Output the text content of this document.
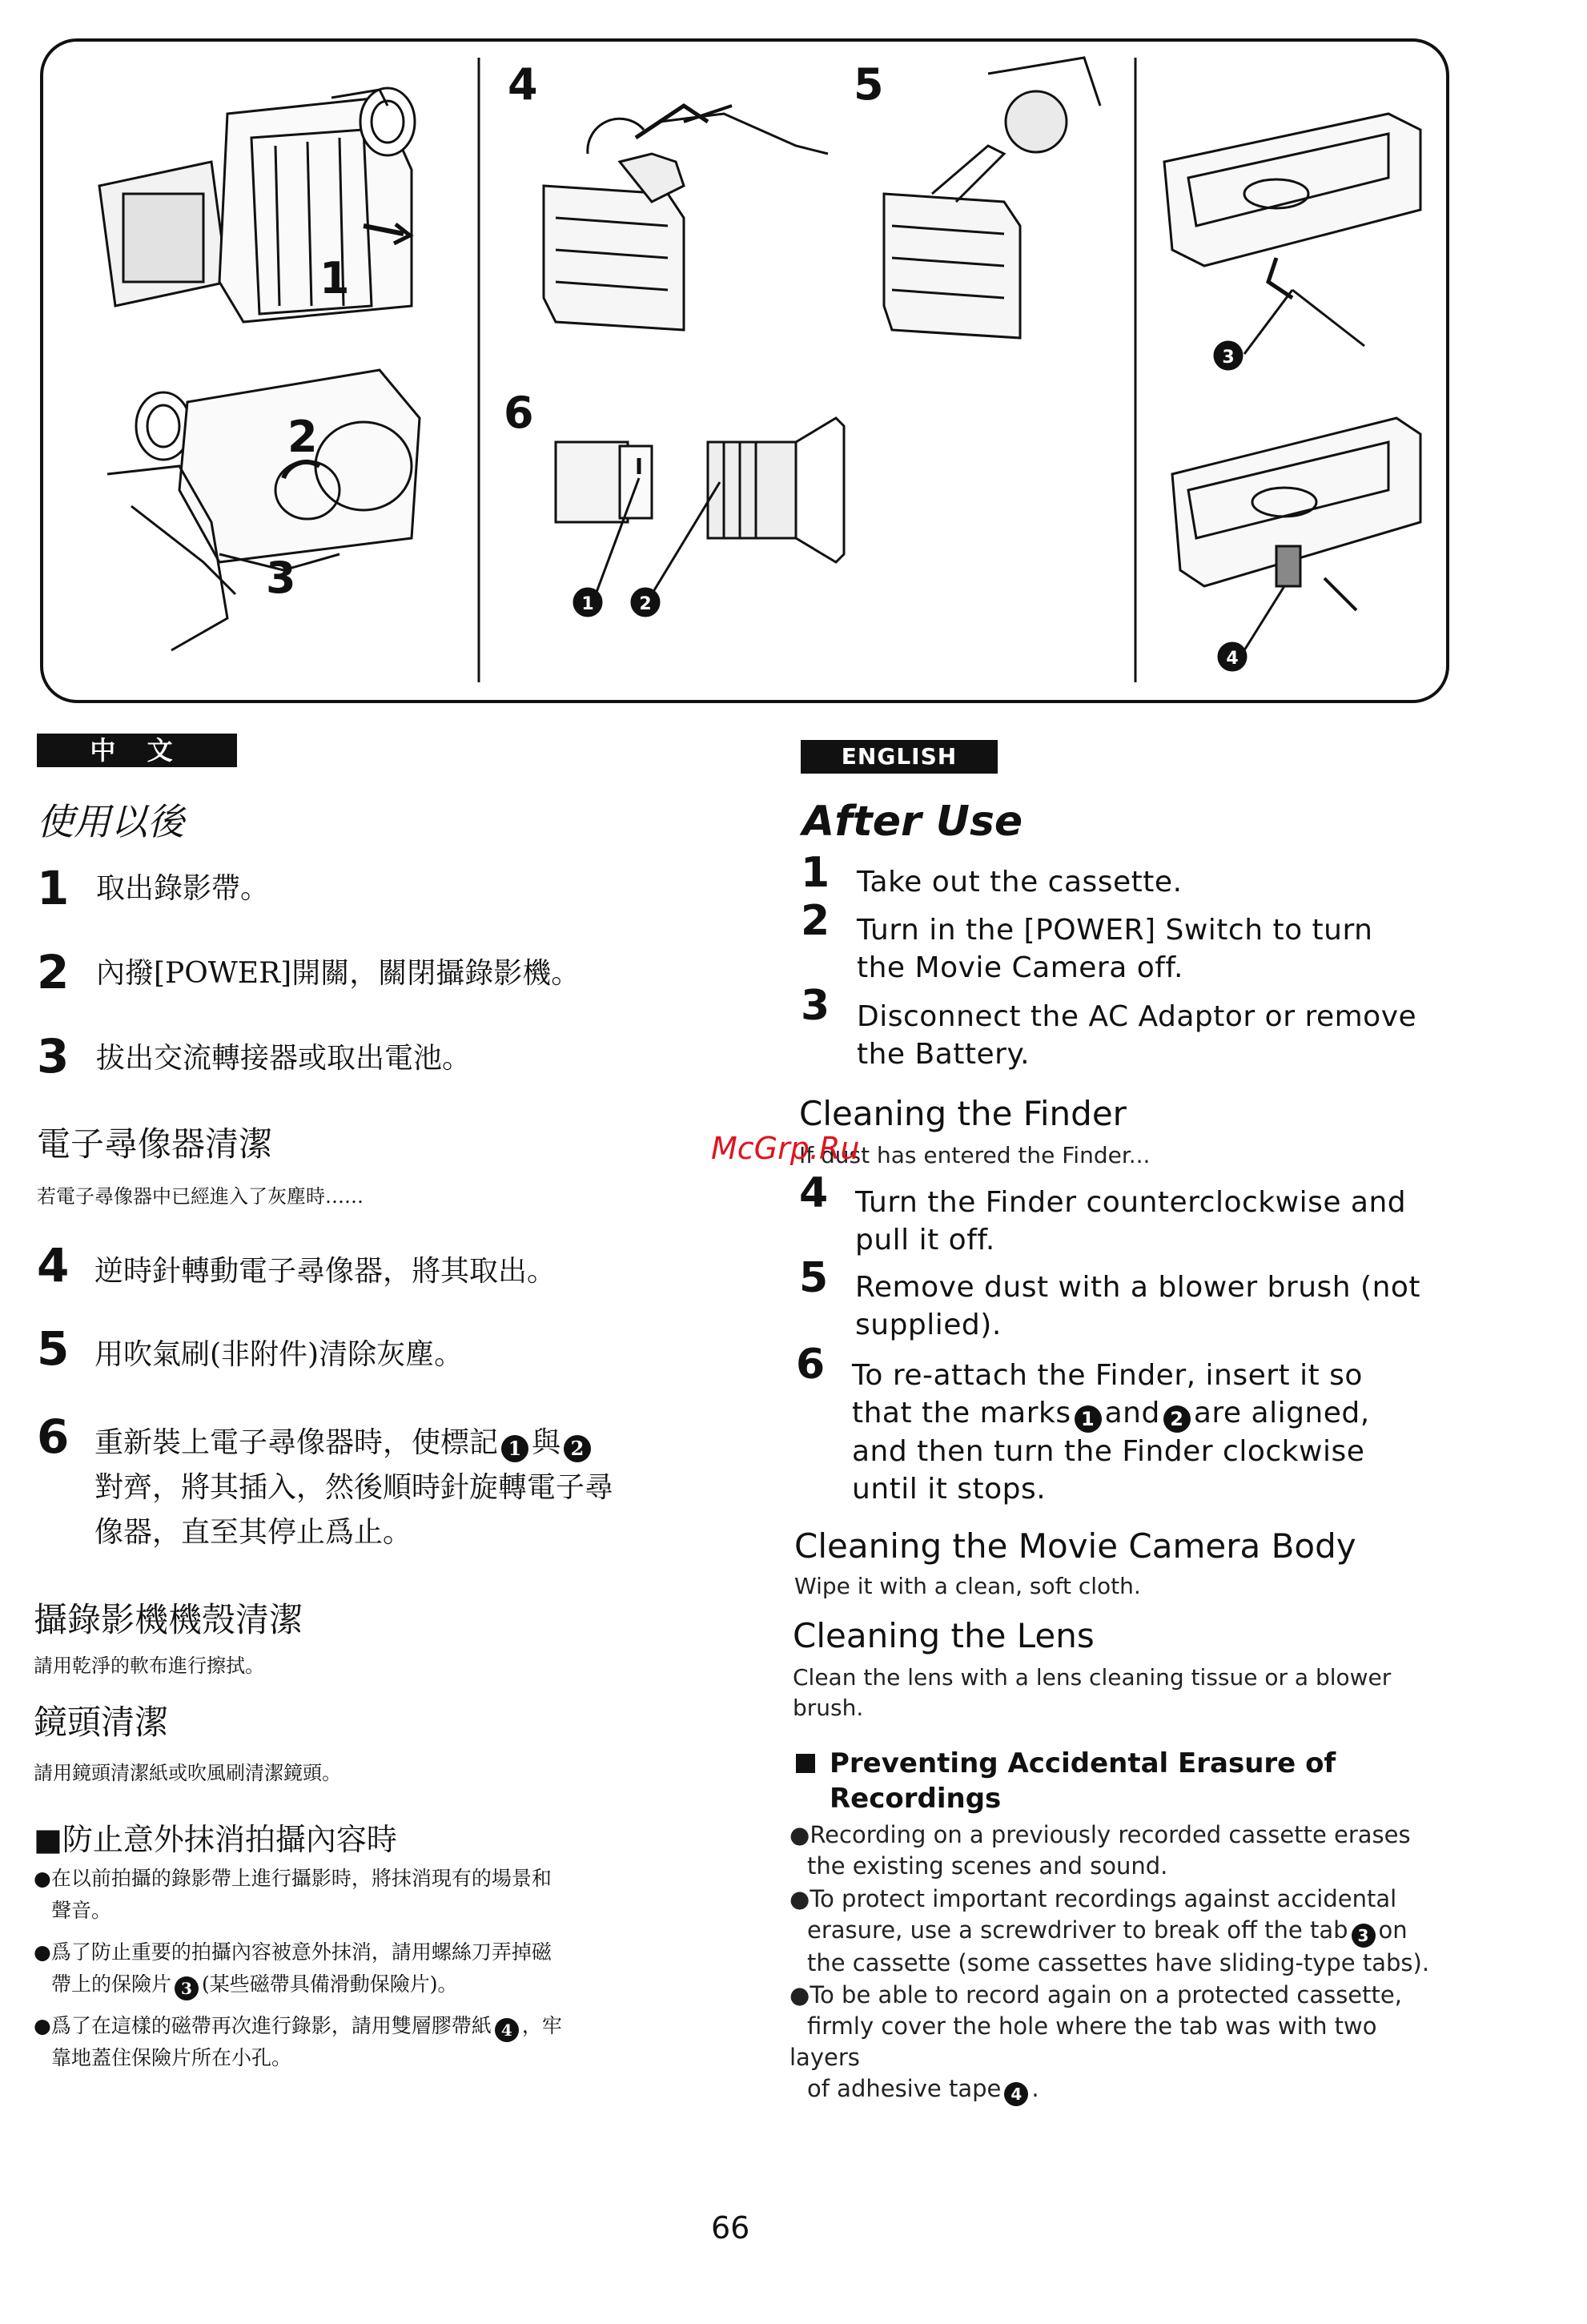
1	2
3
4
1
2
3
4	5
6
中 文
使用以後
1 取出錄影帶。
2 內撥[POWER]開關，關閉攝錄影機。
3 拔出交流轉接器或取出電池。
電子尋像器清潔
若電子尋像器中已經進入了灰塵時……
4 逆時針轉動電子尋像器，將其取出。
5 用吹氣刷(非附件)清除灰塵。
6 重新裝上電子尋像器時，使標記 1 與 2
對齊，將其插入，然後順時針旋轉電子尋
像器，直至其停止爲止。
攝錄影機機殼清潔
請用乾淨的軟布進行擦拭。
鏡頭清潔
請用鏡頭清潔紙或吹風刷清潔鏡頭。
■防止意外抹消拍攝內容時
●在以前拍攝的錄影帶上進行攝影時，將抹消現有的場景和
聲音。
●爲了防止重要的拍攝內容被意外抹消，請用螺絲刀弄掉磁
帶上的保險片 3 (某些磁帶具備滑動保險片)。
●爲了在這樣的磁帶再次進行錄影，請用雙層膠帶紙 4 ，牢
靠地蓋住保險片所在小孔。
ENGLISH
After Use
1 Take out the cassette.
2 Turn in the [POWER] Switch to turn
the Movie Camera off.
3 Disconnect the AC Adaptor or remove
the Battery.
Cleaning the Finder
If dust has entered the Finder...
4 Turn the Finder counterclockwise and
pull it off.
5 Remove dust with a blower brush (not
supplied).
6 To re-attach the Finder, insert it so
that the marks 1 and 2 are aligned,
and then turn the Finder clockwise
until it stops.
Cleaning the Movie Camera Body
Wipe it with a clean, soft cloth.
Cleaning the Lens
Clean the lens with a lens cleaning tissue or a blower
brush.
Preventing Accidental Erasure of
Recordings
●Recording on a previously recorded cassette erases
the existing scenes and sound.
●To protect important recordings against accidental
erasure, use a screwdriver to break off the tab 3 on
the cassette (some cassettes have sliding-type tabs).
●To be able to record again on a protected cassette,
firmly cover the hole where the tab was with two layers
of adhesive tape 4 .
McGrp.Ru
66
